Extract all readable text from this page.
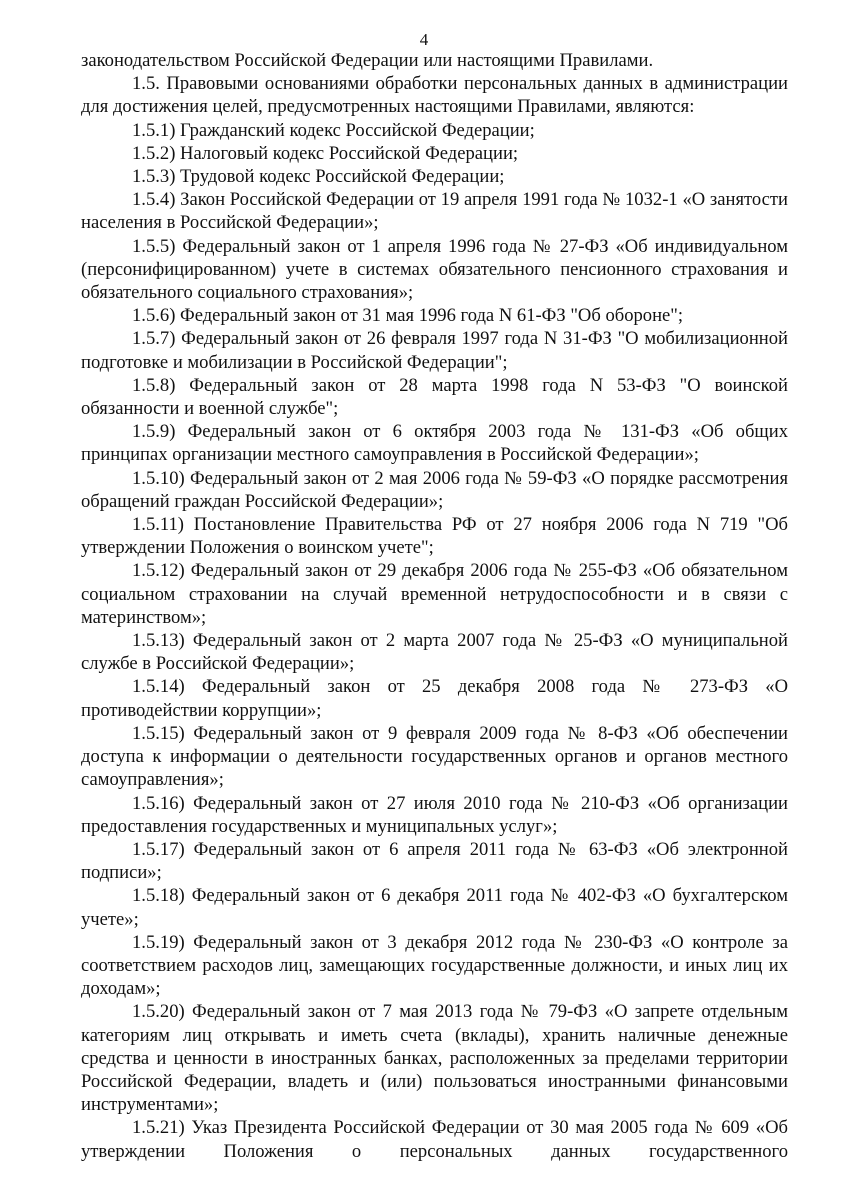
4

законодательством Российской Федерации или настоящими Правилами.

1.5. Правовыми основаниями обработки персональных данных в администрации для достижения целей, предусмотренных настоящими Правилами, являются:

1.5.1) Гражданский кодекс Российской Федерации;

1.5.2) Налоговый кодекс Российской Федерации;

1.5.3) Трудовой кодекс Российской Федерации;

1.5.4) Закон Российской Федерации от 19 апреля 1991 года № 1032-1 «О занятости населения в Российской Федерации»;

1.5.5) Федеральный закон от 1 апреля 1996 года № 27-ФЗ «Об индивидуальном (персонифицированном) учете в системах обязательного пенсионного страхования и обязательного социального страхования»;

1.5.6) Федеральный закон от 31 мая 1996 года N 61-ФЗ "Об обороне";

1.5.7) Федеральный закон от 26 февраля 1997 года N 31-ФЗ "О мобилизационной подготовке и мобилизации в Российской Федерации";

1.5.8) Федеральный закон от 28 марта 1998 года N 53-ФЗ "О воинской обязанности и военной службе";

1.5.9) Федеральный закон от 6 октября 2003 года № 131-ФЗ «Об общих принципах организации местного самоуправления в Российской Федерации»;

1.5.10) Федеральный закон от 2 мая 2006 года № 59-ФЗ «О порядке рассмотрения обращений граждан Российской Федерации»;

1.5.11) Постановление Правительства РФ от 27 ноября 2006 года N 719 "Об утверждении Положения о воинском учете";

1.5.12) Федеральный закон от 29 декабря 2006 года № 255-ФЗ «Об обязательном социальном страховании на случай временной нетрудоспособности и в связи с материнством»;

1.5.13) Федеральный закон от 2 марта 2007 года № 25-ФЗ «О муниципальной службе в Российской Федерации»;

1.5.14) Федеральный закон от 25 декабря 2008 года № 273-ФЗ «О противодействии коррупции»;

1.5.15) Федеральный закон от 9 февраля 2009 года № 8-ФЗ «Об обеспечении доступа к информации о деятельности государственных органов и органов местного самоуправления»;

1.5.16) Федеральный закон от 27 июля 2010 года № 210-ФЗ «Об организации предоставления государственных и муниципальных услуг»;

1.5.17) Федеральный закон от 6 апреля 2011 года № 63-ФЗ «Об электронной подписи»;

1.5.18) Федеральный закон от 6 декабря 2011 года № 402-ФЗ «О бухгалтерском учете»;

1.5.19) Федеральный закон от 3 декабря 2012 года № 230-ФЗ «О контроле за соответствием расходов лиц, замещающих государственные должности, и иных лиц их доходам»;

1.5.20) Федеральный закон от 7 мая 2013 года № 79-ФЗ «О запрете отдельным категориям лиц открывать и иметь счета (вклады), хранить наличные денежные средства и ценности в иностранных банках, расположенных за пределами территории Российской Федерации, владеть и (или) пользоваться иностранными финансовыми инструментами»;

1.5.21) Указ Президента Российской Федерации от 30 мая 2005 года № 609 «Об утверждении Положения о персональных данных государственного
